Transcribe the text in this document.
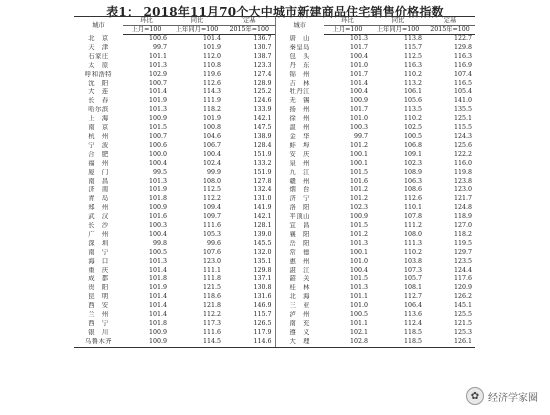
表1： 2018年11月70个大中城市新建商品住宅销售价格指数
城市	环比	同比	定基	城市	环比	同比	定基
	上月=100	上年同月=100	2015年=100		上月=100	上年同月=100	2015年=100
北　京	100.6	101.4	136.7	唐　山	101.3	113.8	122.7
天　津	99.7	101.9	130.7	秦皇岛	101.7	115.7	129.8
石家庄	101.1	112.0	138.7	包　头	100.4	112.5	116.3
太　原	101.3	110.8	123.3	丹　东	101.0	116.3	116.9
呼和浩特	102.9	119.6	127.4	锦　州	101.7	110.2	107.4
沈　阳	100.7	112.6	128.9	吉　林	101.4	113.2	116.5
大　连	101.4	114.3	125.2	牡丹江	100.4	106.1	105.4
长　春	101.9	111.9	124.6	无　锡	100.9	105.6	141.0
哈尔滨	101.3	118.2	133.9	扬　州	101.7	113.5	135.5
上　海	100.9	101.9	142.1	徐　州	101.0	110.2	125.1
南　京	101.5	100.8	147.5	温　州	100.3	102.5	115.5
杭　州	100.7	104.6	138.9	金　华	99.7	100.5	124.3
宁　波	100.6	106.7	128.4	蚌　埠	101.2	106.8	125.6
合　肥	100.0	100.4	151.9	安　庆	100.1	109.1	122.2
福　州	100.4	102.4	133.2	泉　州	100.1	102.3	116.0
厦　门	99.5	99.9	151.9	九　江	101.5	108.9	119.8
南　昌	101.3	108.0	127.8	赣　州	101.6	106.3	123.8
济　南	101.9	112.5	132.4	烟　台	101.2	108.6	123.0
青　岛	101.8	112.2	131.0	济　宁	101.2	112.6	121.7
郑　州	100.9	109.4	141.9	洛　阳	102.3	110.1	124.8
武　汉	101.6	109.7	142.1	平顶山	100.9	107.8	118.9
长　沙	100.3	111.6	128.1	宜　昌	101.5	111.2	127.0
广　州	100.4	105.3	139.0	襄　阳	101.2	108.0	118.2
深　圳	99.8	99.6	145.5	岳　阳	101.3	111.3	119.5
南　宁	100.5	107.6	132.0	常　德	100.1	110.2	129.7
海　口	101.3	123.0	135.1	惠　州	101.0	103.8	123.5
重　庆	101.4	111.1	129.8	湛　江	100.4	107.3	124.4
成　都	101.8	111.8	137.1	韶　关	101.5	105.7	117.6
贵　阳	101.9	121.5	130.8	桂　林	101.3	108.1	120.9
昆　明	101.4	118.6	131.6	北　海	101.1	112.7	126.2
西　安	101.4	121.8	146.9	三　亚	101.0	106.4	145.1
兰　州	101.4	112.2	115.7	泸　州	100.5	113.6	125.5
西　宁	101.8	117.3	126.5	南　充	101.1	112.4	121.5
银　川	100.9	111.6	117.9	遵　义	102.1	118.5	125.3
乌鲁木齐	100.9	114.5	114.6	大　理	102.8	118.5	126.1
✿ 经济学家圈
